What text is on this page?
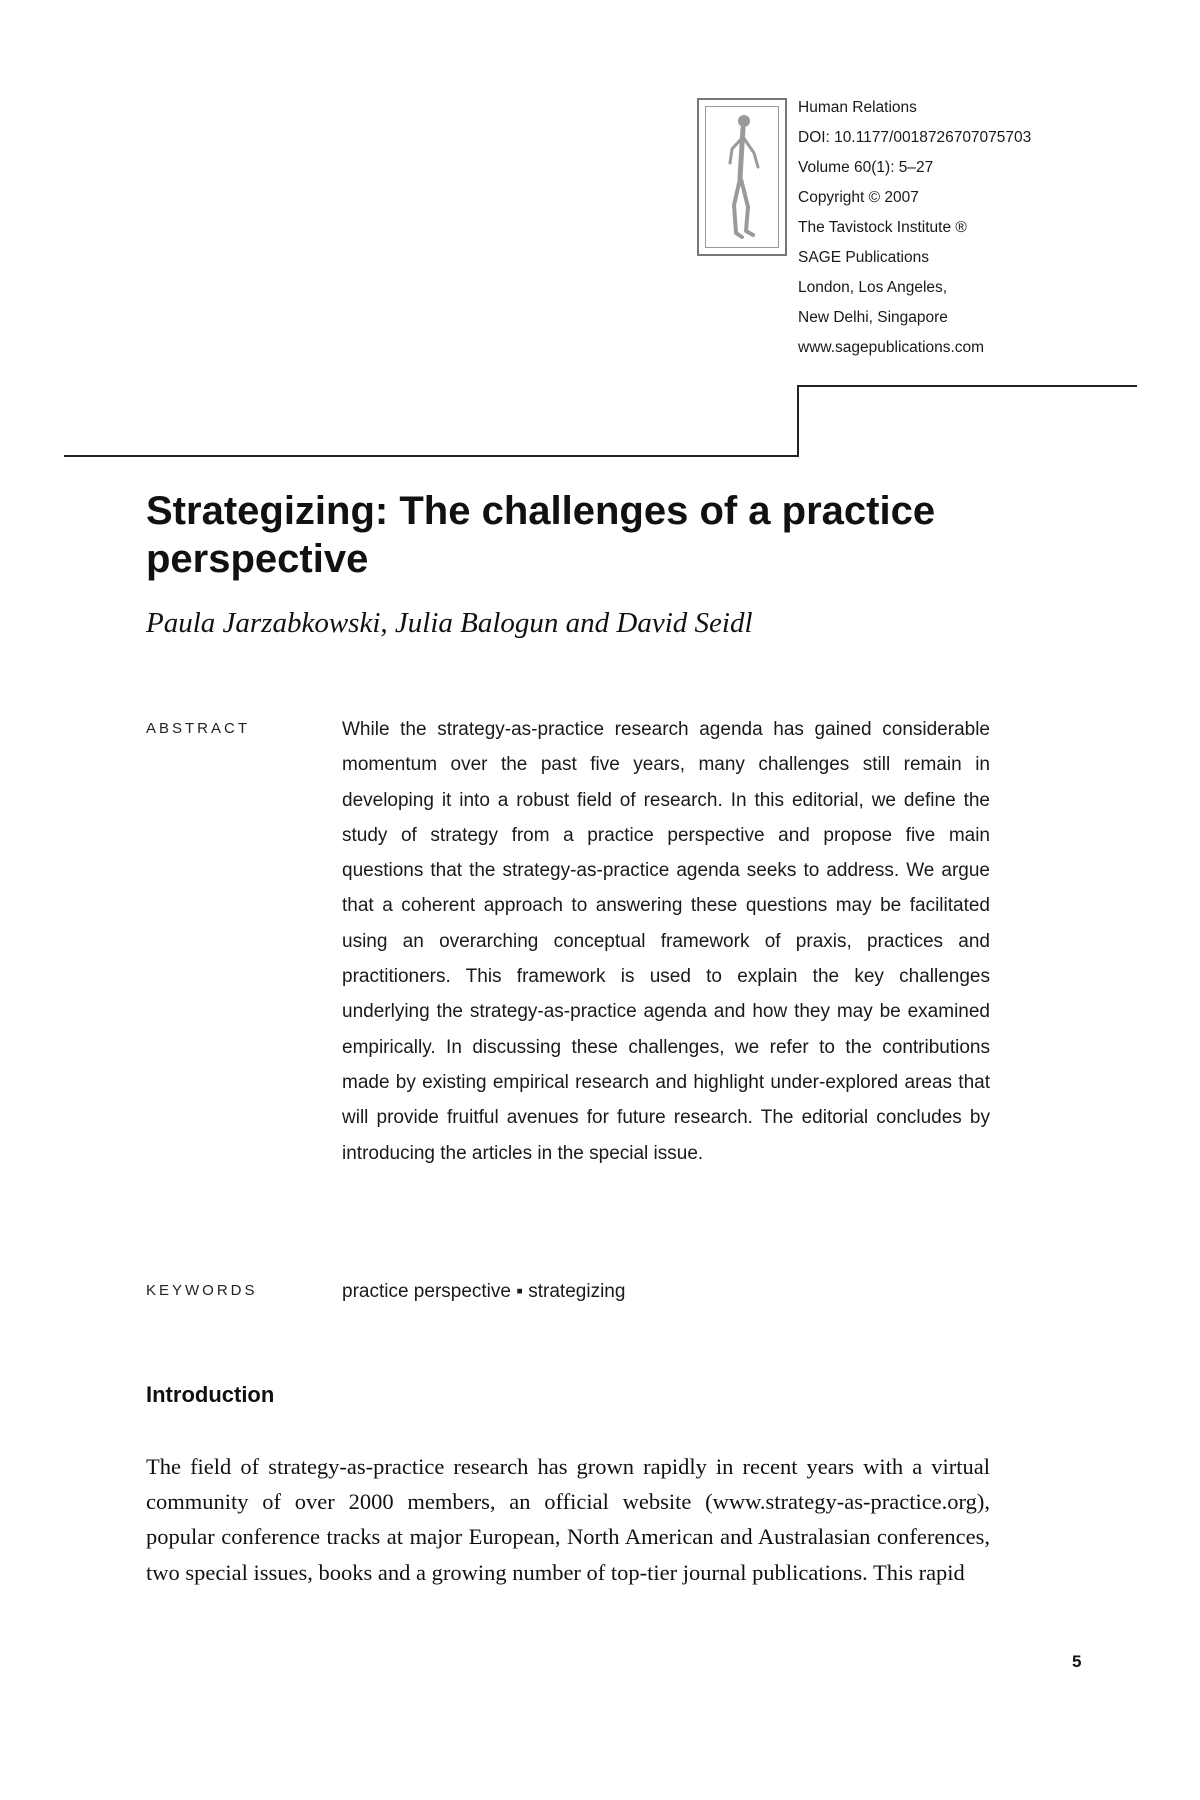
Human Relations
DOI: 10.1177/0018726707075703
Volume 60(1): 5–27
Copyright © 2007
The Tavistock Institute ®
SAGE Publications
London, Los Angeles,
New Delhi, Singapore
www.sagepublications.com
Strategizing: The challenges of a practice perspective

Paula Jarzabkowski, Julia Balogun and David Seidl

ABSTRACT	While the strategy-as-practice research agenda has gained considerable momentum over the past five years, many challenges still remain in developing it into a robust field of research. In this editorial, we define the study of strategy from a practice perspective and propose five main questions that the strategy-as-practice agenda seeks to address. We argue that a coherent approach to answering these questions may be facilitated using an overarching conceptual framework of praxis, practices and practitioners. This framework is used to explain the key challenges underlying the strategy-as-practice agenda and how they may be examined empirically. In discussing these challenges, we refer to the contributions made by existing empirical research and highlight under-explored areas that will provide fruitful avenues for future research. The editorial concludes by introducing the articles in the special issue.

KEYWORDS	practice perspective ▪ strategizing

Introduction

The field of strategy-as-practice research has grown rapidly in recent years with a virtual community of over 2000 members, an official website (www.strategy-as-practice.org), popular conference tracks at major European, North American and Australasian conferences, two special issues, books and a growing number of top-tier journal publications. This rapid

5
